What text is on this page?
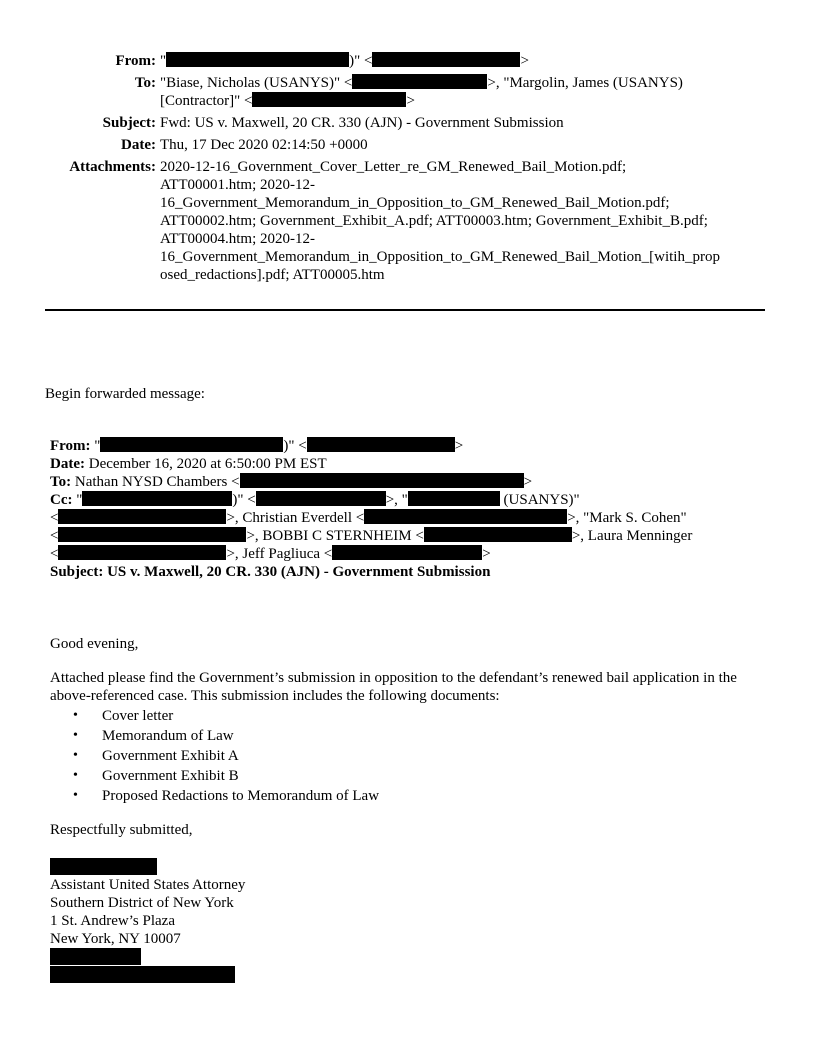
From: "	)" <	>
To: "Biase, Nicholas (USANYS)" <	>, "Margolin, James (USANYS)
[Contractor]" <	>
Subject: Fwd: US v. Maxwell, 20 CR. 330 (AJN) - Government Submission
Date: Thu, 17 Dec 2020 02:14:50 +0000
Attachments: 2020-12-16_Government_Cover_Letter_re_GM_Renewed_Bail_Motion.pdf;
ATT00001.htm; 2020-12-
16_Government_Memorandum_in_Opposition_to_GM_Renewed_Bail_Motion.pdf;
ATT00002.htm; Government_Exhibit_A.pdf; ATT00003.htm; Government_Exhibit_B.pdf;
ATT00004.htm; 2020-12-
16_Government_Memorandum_in_Opposition_to_GM_Renewed_Bail_Motion_[witih_prop
osed_redactions].pdf; ATT00005.htm
Begin forwarded message:
From: "	)" <	>
Date: December 16, 2020 at 6:50:00 PM EST
To: Nathan NYSD Chambers <	>
Cc: "	)" <	>, "	(USANYS)"
<	>, Christian Everdell <	>, "Mark S. Cohen"
<	>, BOBBI C STERNHEIM <	>, Laura Menninger
<	>, Jeff Pagliuca <	>
Subject: US v. Maxwell, 20 CR. 330 (AJN) - Government Submission

Good evening,

Attached please find the Government’s submission in opposition to the defendant’s renewed bail application in the above-referenced case. This submission includes the following documents:

•	Cover letter
•	Memorandum of Law
•	Government Exhibit A
•	Government Exhibit B
•	Proposed Redactions to Memorandum of Law

Respectfully submitted,

Assistant United States Attorney
Southern District of New York
1 St. Andrew’s Plaza
New York, NY 10007
